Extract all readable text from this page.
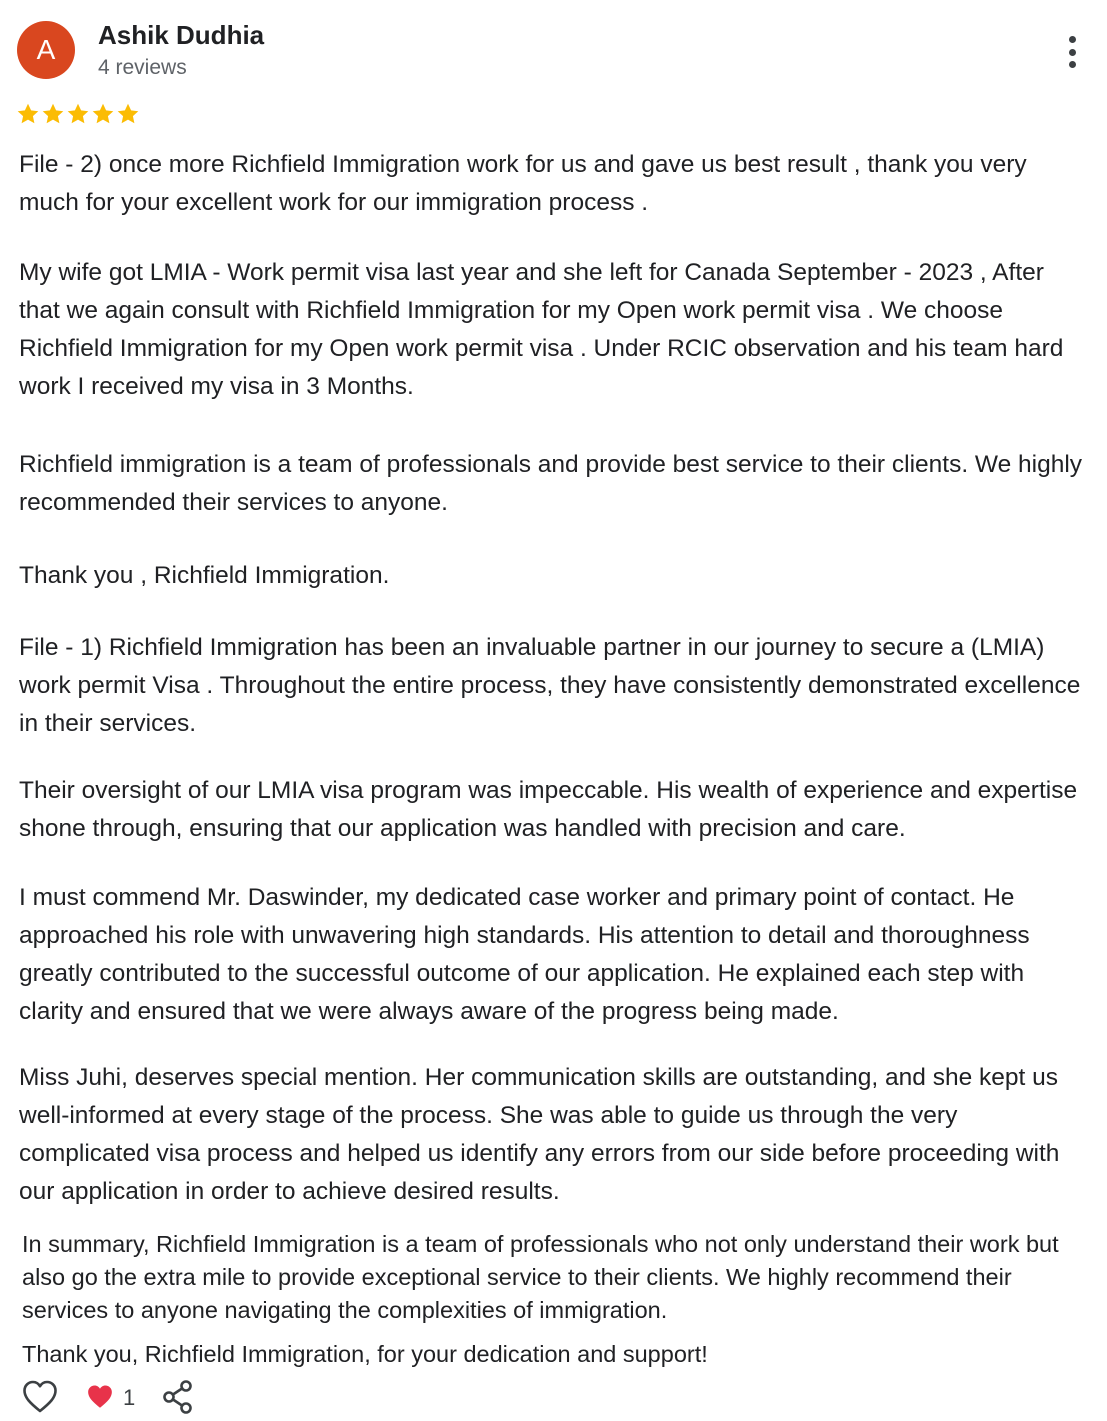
A Ashik Dudhia
4 reviews

File - 2) once more Richfield Immigration work for us and gave us best result , thank you very much for your excellent work for our immigration process .

My wife got LMIA - Work permit visa last year and she left for Canada September - 2023 , After that we again consult with Richfield Immigration for my Open work permit visa . We choose Richfield Immigration for my Open work permit visa . Under RCIC observation and his team hard work I received my visa in 3 Months.

Richfield immigration is a team of professionals and provide best service to their clients. We highly recommended their services to anyone.

Thank you , Richfield Immigration.

File - 1) Richfield Immigration has been an invaluable partner in our journey to secure a (LMIA) work permit Visa . Throughout the entire process, they have consistently demonstrated excellence in their services.

Their oversight of our LMIA visa program was impeccable. His wealth of experience and expertise shone through, ensuring that our application was handled with precision and care.

I must commend Mr. Daswinder, my dedicated case worker and primary point of contact. He approached his role with unwavering high standards. His attention to detail and thoroughness greatly contributed to the successful outcome of our application. He explained each step with clarity and ensured that we were always aware of the progress being made.

Miss Juhi, deserves special mention. Her communication skills are outstanding, and she kept us well-informed at every stage of the process. She was able to guide us through the very complicated visa process and helped us identify any errors from our side before proceeding with our application in order to achieve desired results.

In summary, Richfield Immigration is a team of professionals who not only understand their work but also go the extra mile to provide exceptional service to their clients. We highly recommend their services to anyone navigating the complexities of immigration.

Thank you, Richfield Immigration, for your dedication and support!

1
